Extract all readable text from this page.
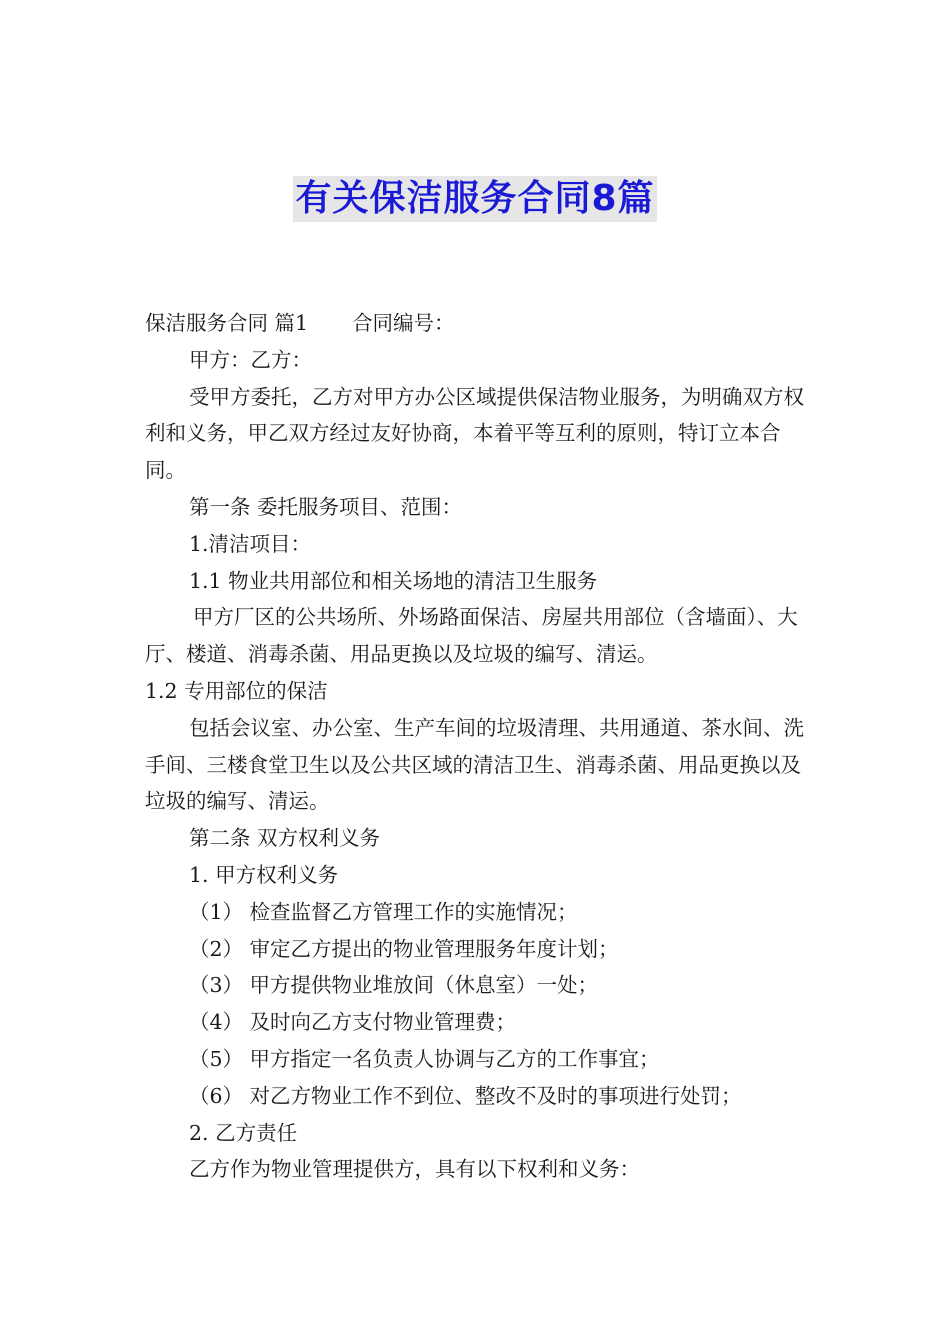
有关保洁服务合同8篇

保洁服务合同 篇1 合同编号：

甲方：乙方：

受甲方委托，乙方对甲方办公区域提供保洁物业服务，为明确双方权利和义务，甲乙双方经过友好协商，本着平等互利的原则，特订立本合同。

第一条 委托服务项目、范围：

1.清洁项目：

1.1 物业共用部位和相关场地的清洁卫生服务

甲方厂区的公共场所、外场路面保洁、房屋共用部位（含墙面）、大厅、楼道、消毒杀菌、用品更换以及垃圾的编写、清运。

1.2 专用部位的保洁

包括会议室、办公室、生产车间的垃圾清理、共用通道、茶水间、洗手间、三楼食堂卫生以及公共区域的清洁卫生、消毒杀菌、用品更换以及垃圾的编写、清运。

第二条 双方权利义务

1. 甲方权利义务

（1） 检查监督乙方管理工作的实施情况；

（2） 审定乙方提出的物业管理服务年度计划；

（3） 甲方提供物业堆放间（休息室）一处；

（4） 及时向乙方支付物业管理费；

（5） 甲方指定一名负责人协调与乙方的工作事宜；

（6） 对乙方物业工作不到位、整改不及时的事项进行处罚；

2. 乙方责任

乙方作为物业管理提供方，具有以下权利和义务：
